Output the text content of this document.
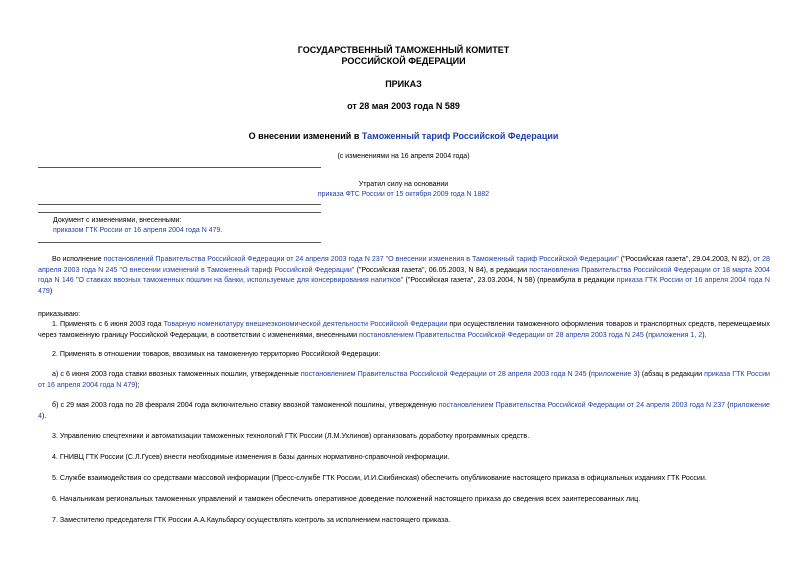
ГОСУДАРСТВЕННЫЙ ТАМОЖЕННЫЙ КОМИТЕТ
РОССИЙСКОЙ ФЕДЕРАЦИИ
ПРИКАЗ
от 28 мая 2003 года N 589
О внесении изменений в Таможенный тариф Российской Федерации
(с изменениями на 16 апреля 2004 года)
Утратил силу на основании
приказа ФТС России от 15 октября 2009 года N 1882
Документ с изменениями, внесенными:
приказом ГТК России от 16 апреля 2004 года N 479.
Во исполнение постановлений Правительства Российской Федерации от 24 апреля 2003 года N 237 "О внесении изменения в Таможенный тариф Российской Федерации" ("Российская газета", 29.04.2003, N 82), от 28 апреля 2003 года N 245 "О внесении изменений в Таможенный тариф Российской Федерации" ("Российская газета", 06.05.2003, N 84), в редакции постановления Правительства Российской Федерации от 18 марта 2004 года N 146 "О ставках ввозных таможенных пошлин на банки, используемые для консервирования напитков" ("Российская газета", 23.03.2004, N 58) (преамбула в редакции приказа ГТК России от 16 апреля 2004 года N 479)
приказываю:
1. Применять с 6 июня 2003 года Товарную номенклатуру внешнеэкономической деятельности Российской Федерации при осуществлении таможенного оформления товаров и транспортных средств, перемещаемых через таможенную границу Российской Федерации, в соответствии с изменениями, внесенными постановлением Правительства Российской Федерации от 28 апреля 2003 года N 245 (приложения 1, 2).
2. Применять в отношении товаров, ввозимых на таможенную территорию Российской Федерации:
а) с 6 июня 2003 года ставки ввозных таможенных пошлин, утвержденные постановлением Правительства Российской Федерации от 28 апреля 2003 года N 245 (приложение 3) (абзац в редакции приказа ГТК России от 16 апреля 2004 года N 479);
б) с 29 мая 2003 года по 28 февраля 2004 года включительно ставку ввозной таможенной пошлины, утвержденную постановлением Правительства Российской Федерации от 24 апреля 2003 года N 237 (приложение 4).
3. Управлению спецтехники и автоматизации таможенных технологий ГТК России (Л.М.Ухлинов) организовать доработку программных средств.
4. ГНИВЦ ГТК России (С.Л.Гусев) внести необходимые изменения в базы данных нормативно-справочной информации.
5. Службе взаимодействия со средствами массовой информации (Пресс-службе ГТК России, И.И.Скибинская) обеспечить опубликование настоящего приказа в официальных изданиях ГТК России.
6. Начальникам региональных таможенных управлений и таможен обеспечить оперативное доведение положений настоящего приказа до сведения всех заинтересованных лиц.
7. Заместителю председателя ГТК России А.А.Каульбарсу осуществлять контроль за исполнением настоящего приказа.
